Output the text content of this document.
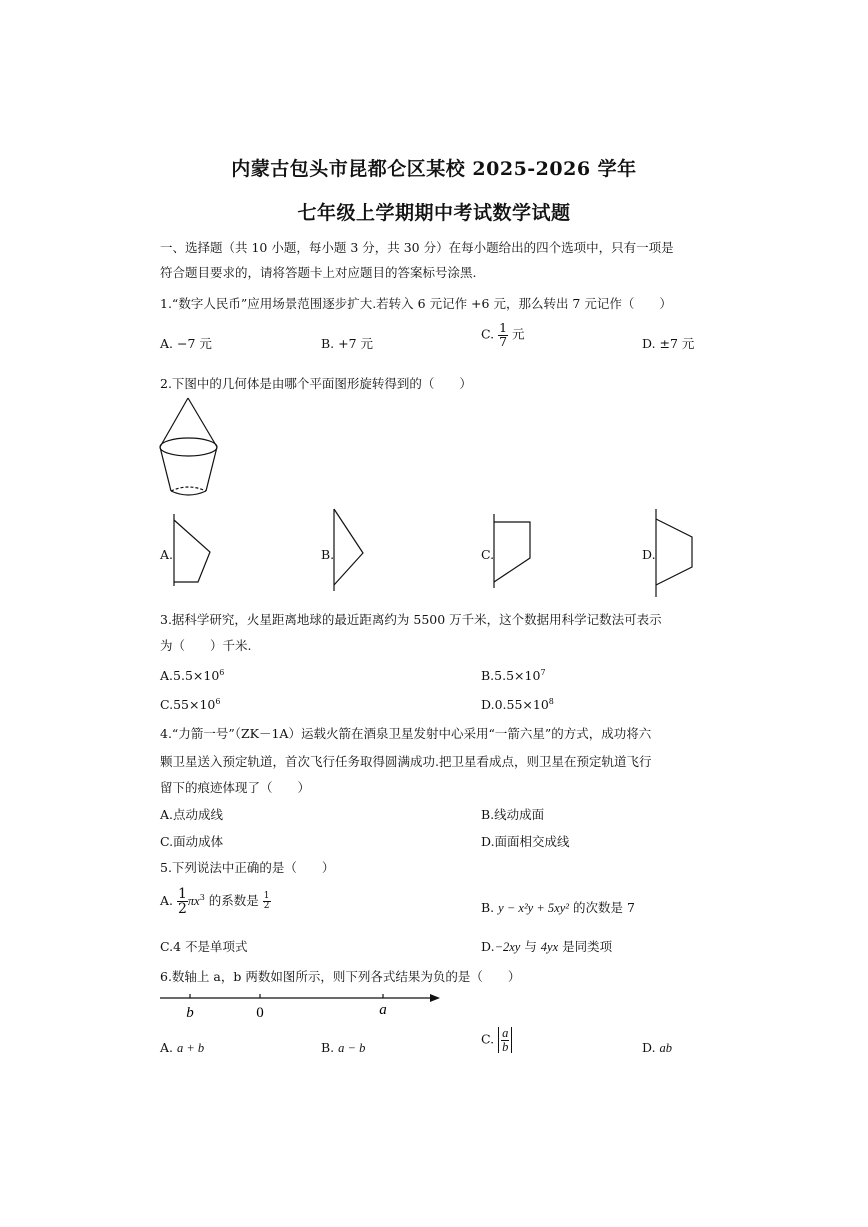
内蒙古包头市昆都仑区某校 2025-2026 学年
七年级上学期期中考试数学试题
一、选择题（共 10 小题，每小题 3 分，共 30 分）在每小题给出的四个选项中，只有一项是
符合题目要求的，请将答题卡上对应题目的答案标号涂黑.
1.“数字人民币”应用场景范围逐步扩大.若转入 6 元记作 +6 元，那么转出 7 元记作（　　）
A. −7 元	B. +7 元
C. $\frac{1}{7}$ 元
D. ±7 元
2.下图中的几何体是由哪个平面图形旋转得到的（　　）
A.	B.	C.	D.
3.据科学研究，火星距离地球的最近距离约为 5500 万千米，这个数据用科学记数法可表示
为（　　）千米.
$A.5.5\times 10^6$	$B.5.5\times 10^7$
$C.55\times 10^6$	$D.0.55\times 10^8$
4.“力箭一号”（ZK－1A）运载火箭在酒泉卫星发射中心采用“一箭六星”的方式，成功将六
颗卫星送入预定轨道，首次飞行任务取得圆满成功.把卫星看成点，则卫星在预定轨道飞行
留下的痕迹体现了（　　）
A.点动成线	B.线动成面
C.面动成体	D.面面相交成线
5.下列说法中正确的是（　　）
A. $\frac{1}{2} \pi x^3$ 的系数是 $\frac{1}{2}$	B. y − x²y + 5xy² 的次数是 7
C.4 不是单项式	D.−2xy 与 4yx 是同类项
6.数轴上 a，b 两数如图所示，则下列各式结果为负的是（　　）
b	0	a
A. a + b	B. a − b
C. $\frac{a}{b}$	D. ab
